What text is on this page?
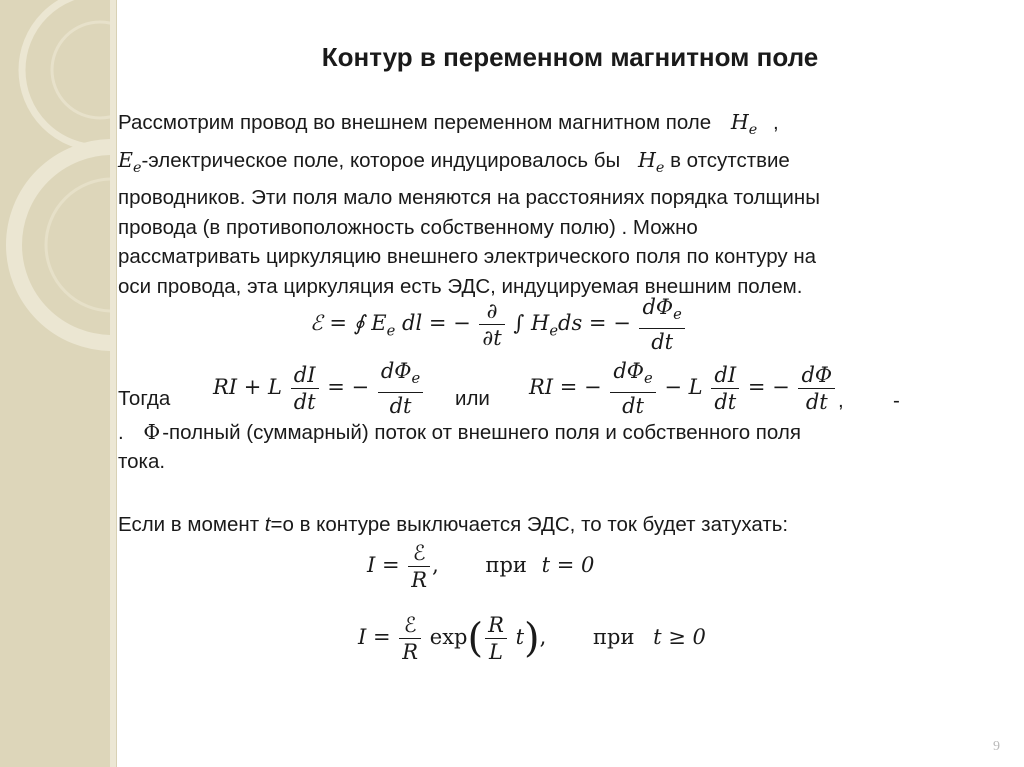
Контур в переменном магнитном поле
Рассмотрим провод во внешнем переменном магнитном поле $H_e$ ,
$E_e$-электрическое поле, которое индуцировалось бы $H_e$ в отсутствие
проводников. Эти поля мало меняются на расстояниях порядка толщины
провода (в противоположность собственному полю) . Можно
рассматривать циркуляцию внешнего электрического поля по контуру на
оси провода, эта циркуляция есть ЭДС, индуцируемая внешним полем.
ℰ = ∮ $E_e$ dl = − $\frac{\partial}{\partial t}$ ∫ $H_eds$ = − $\frac{d\Phi_e}{dt}$
Тогда	RI + L $\frac{dI}{dt}$ = − $\frac{d\Phi_e}{dt}$ или	RI = − $\frac{d\Phi_e}{dt} - L \frac{dI}{dt}$ = − $\frac{d\Phi}{dt}$ ,	-
. Φ-полный (суммарный) поток от внешнего поля и собственного поля
тока.
Если в момент t=о в контуре выключается ЭДС, то ток будет затухать:
$I = \frac{\text{ℰ}}{R}$ , при t = 0
$I = \frac{\text{ℰ}}{R} \exp( \frac{R}{L} t)$, при t ≥ 0
9
